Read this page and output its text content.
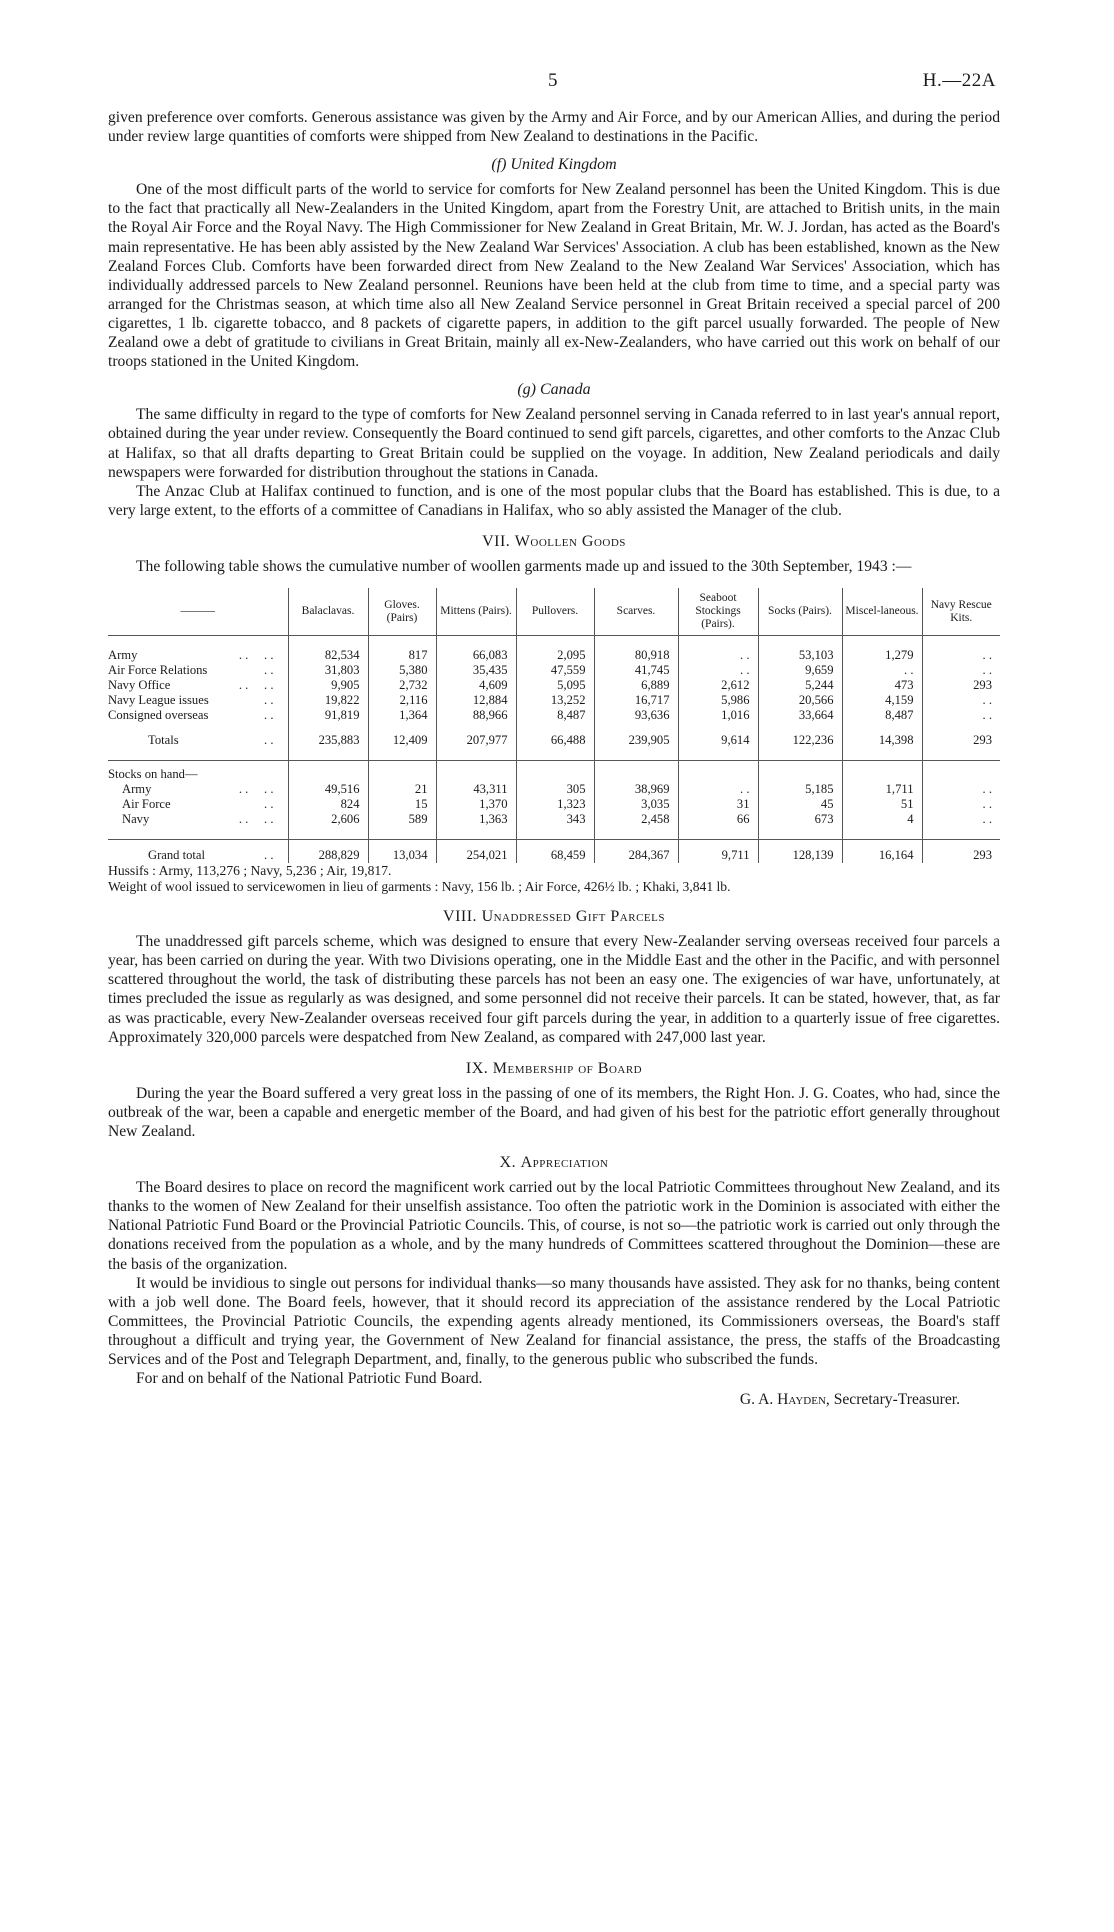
5	H.—22A

given preference over comforts. Generous assistance was given by the Army and Air Force, and by our American Allies, and during the period under review large quantities of comforts were shipped from New Zealand to destinations in the Pacific.

(f) United Kingdom

One of the most difficult parts of the world to service for comforts for New Zealand personnel has been the United Kingdom. This is due to the fact that practically all New-Zealanders in the United Kingdom, apart from the Forestry Unit, are attached to British units, in the main the Royal Air Force and the Royal Navy. The High Commissioner for New Zealand in Great Britain, Mr. W. J. Jordan, has acted as the Board's main representative. He has been ably assisted by the New Zealand War Services' Association. A club has been established, known as the New Zealand Forces Club. Comforts have been forwarded direct from New Zealand to the New Zealand War Services' Association, which has individually addressed parcels to New Zealand personnel. Reunions have been held at the club from time to time, and a special party was arranged for the Christmas season, at which time also all New Zealand Service personnel in Great Britain received a special parcel of 200 cigarettes, 1 lb. cigarette tobacco, and 8 packets of cigarette papers, in addition to the gift parcel usually forwarded. The people of New Zealand owe a debt of gratitude to civilians in Great Britain, mainly all ex-New-Zealanders, who have carried out this work on behalf of our troops stationed in the United Kingdom.

(g) Canada

The same difficulty in regard to the type of comforts for New Zealand personnel serving in Canada referred to in last year's annual report, obtained during the year under review. Consequently the Board continued to send gift parcels, cigarettes, and other comforts to the Anzac Club at Halifax, so that all drafts departing to Great Britain could be supplied on the voyage. In addition, New Zealand periodicals and daily newspapers were forwarded for distribution throughout the stations in Canada.

The Anzac Club at Halifax continued to function, and is one of the most popular clubs that the Board has established. This is due, to a very large extent, to the efforts of a committee of Canadians in Halifax, who so ably assisted the Manager of the club.

VII. Woollen Goods

The following table shows the cumulative number of woollen garments made up and issued to the 30th September, 1943 :—

———	Balaclavas.	Gloves. (Pairs)	Mittens (Pairs).	Pullovers.	Scarves.	Seaboot Stockings (Pairs).	Socks (Pairs).	Miscel-laneous.	Navy Rescue Kits.

Army . .     . .	82,534	817	66,083	2,095	80,918	. .	53,103	1,279	. .
Air Force Relations . .	31,803	5,380	35,435	47,559	41,745	. .	9,659	. .	. .
Navy Office . .     . .	9,905	2,732	4,609	5,095	6,889	2,612	5,244	473	293
Navy League issues . .	19,822	2,116	12,884	13,252	16,717	5,986	20,566	4,159	. .
Consigned overseas . .	91,819	1,364	88,966	8,487	93,636	1,016	33,664	8,487	. .
Totals . .	235,883	12,409	207,977	66,488	239,905	9,614	122,236	14,398	293
Stocks on hand—									
Army . .     . .	49,516	21	43,311	305	38,969	. .	5,185	1,711	. .
Air Force . .	824	15	1,370	1,323	3,035	31	45	51	. .
Navy . .     . .	2,606	589	1,363	343	2,458	66	673	4	. .

Grand total . .	288,829	13,034	254,021	68,459	284,367	9,711	128,139	16,164	293
Hussifs : Army, 113,276 ; Navy, 5,236 ; Air, 19,817.
Weight of wool issued to servicewomen in lieu of garments : Navy, 156 lb. ; Air Force, 426½ lb. ; Khaki, 3,841 lb.
VIII. Unaddressed Gift Parcels

The unaddressed gift parcels scheme, which was designed to ensure that every New-Zealander serving overseas received four parcels a year, has been carried on during the year. With two Divisions operating, one in the Middle East and the other in the Pacific, and with personnel scattered throughout the world, the task of distributing these parcels has not been an easy one. The exigencies of war have, unfortunately, at times precluded the issue as regularly as was designed, and some personnel did not receive their parcels. It can be stated, however, that, as far as was practicable, every New-Zealander overseas received four gift parcels during the year, in addition to a quarterly issue of free cigarettes. Approximately 320,000 parcels were despatched from New Zealand, as compared with 247,000 last year.

IX. Membership of Board

During the year the Board suffered a very great loss in the passing of one of its members, the Right Hon. J. G. Coates, who had, since the outbreak of the war, been a capable and energetic member of the Board, and had given of his best for the patriotic effort generally throughout New Zealand.

X. Appreciation

The Board desires to place on record the magnificent work carried out by the local Patriotic Committees throughout New Zealand, and its thanks to the women of New Zealand for their unselfish assistance. Too often the patriotic work in the Dominion is associated with either the National Patriotic Fund Board or the Provincial Patriotic Councils. This, of course, is not so—the patriotic work is carried out only through the donations received from the population as a whole, and by the many hundreds of Committees scattered throughout the Dominion—these are the basis of the organization.

It would be invidious to single out persons for individual thanks—so many thousands have assisted. They ask for no thanks, being content with a job well done. The Board feels, however, that it should record its appreciation of the assistance rendered by the Local Patriotic Committees, the Provincial Patriotic Councils, the expending agents already mentioned, its Commissioners overseas, the Board's staff throughout a difficult and trying year, the Government of New Zealand for financial assistance, the press, the staffs of the Broadcasting Services and of the Post and Telegraph Department, and, finally, to the generous public who subscribed the funds.

For and on behalf of the National Patriotic Fund Board.

G. A. Hayden, Secretary-Treasurer.
